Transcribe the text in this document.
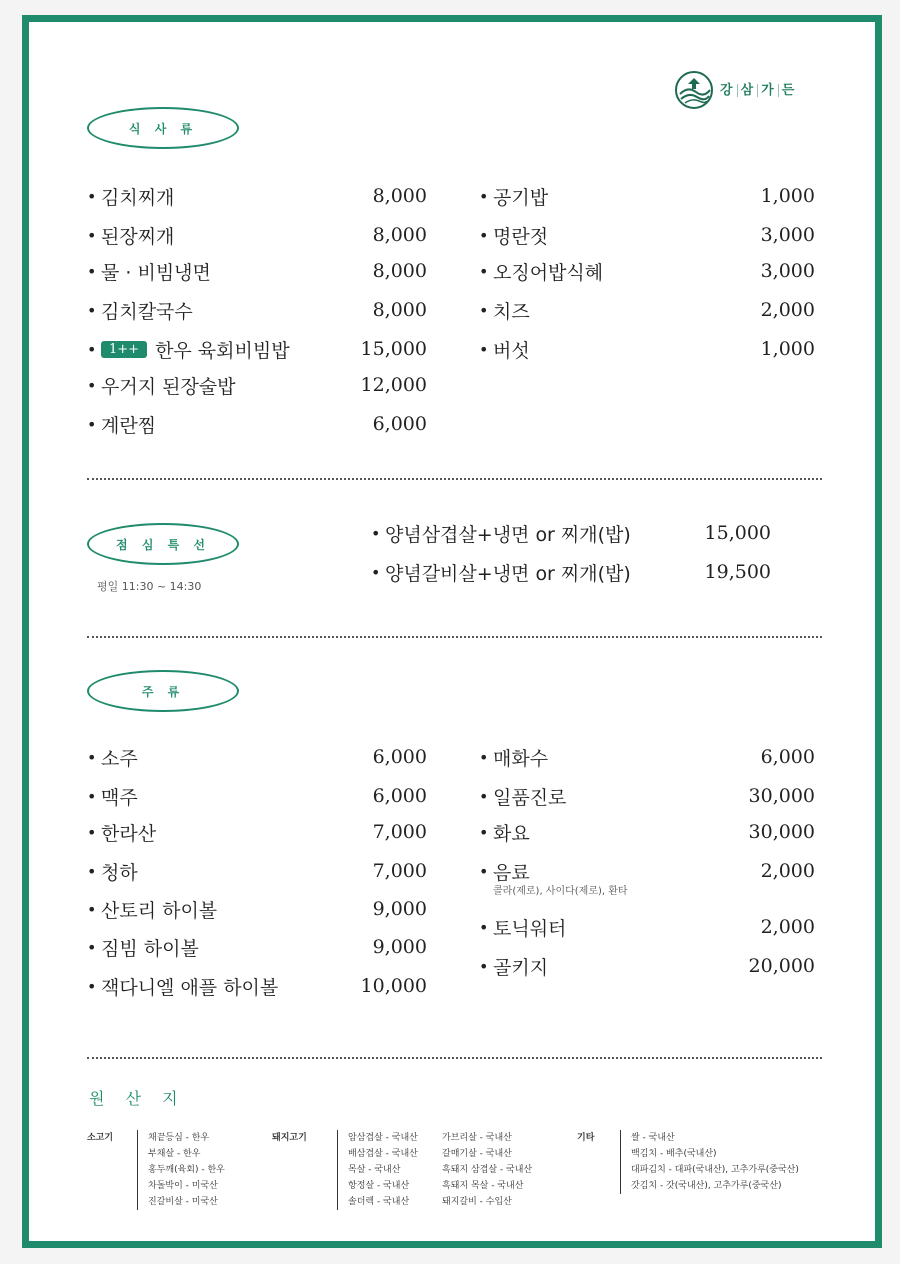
강 삼 가 든
식 사 류
• 김치찌개	8,000
• 된장찌개	8,000
• 물 · 비빔냉면	8,000
• 김치칼국수	8,000
• 1++ 한우 육회비빔밥	15,000
• 우거지 된장술밥	12,000
• 계란찜	6,000
• 공기밥	1,000
• 명란젓	3,000
• 오징어밥식혜	3,000
• 치즈	2,000
• 버섯	1,000
점 심 특 선
평일 11:30 ~ 14:30
• 양념삼겹살+냉면 or 찌개(밥)	15,000
• 양념갈비살+냉면 or 찌개(밥)	19,500
주 류
• 소주	6,000
• 맥주	6,000
• 한라산	7,000
• 청하	7,000
• 산토리 하이볼	9,000
• 짐빔 하이볼	9,000
• 잭다니엘 애플 하이볼	10,000
• 매화수	6,000
• 일품진로	30,000
• 화요	30,000
• 음료	2,000
콜라(제로), 사이다(제로), 환타
• 토닉워터	2,000
• 골키지	20,000
원 산 지
소고기	채끝등심 - 한우
부채살 - 한우
홍두깨(육회) - 한우
차돌박이 - 미국산
진갈비살 - 미국산
돼지고기	암삼겹살 - 국내산
배삼겹살 - 국내산
목살 - 국내산
항정살 - 국내산
솔더렉 - 국내산
가브리살 - 국내산
갈매기살 - 국내산
흑돼지 삼겹살 - 국내산
흑돼지 목살 - 국내산
돼지갈비 - 수입산
기타	쌀 - 국내산
백김치 - 배추(국내산)
대파김치 - 대파(국내산), 고추가루(중국산)
갓김치 - 갓(국내산), 고추가루(중국산)
